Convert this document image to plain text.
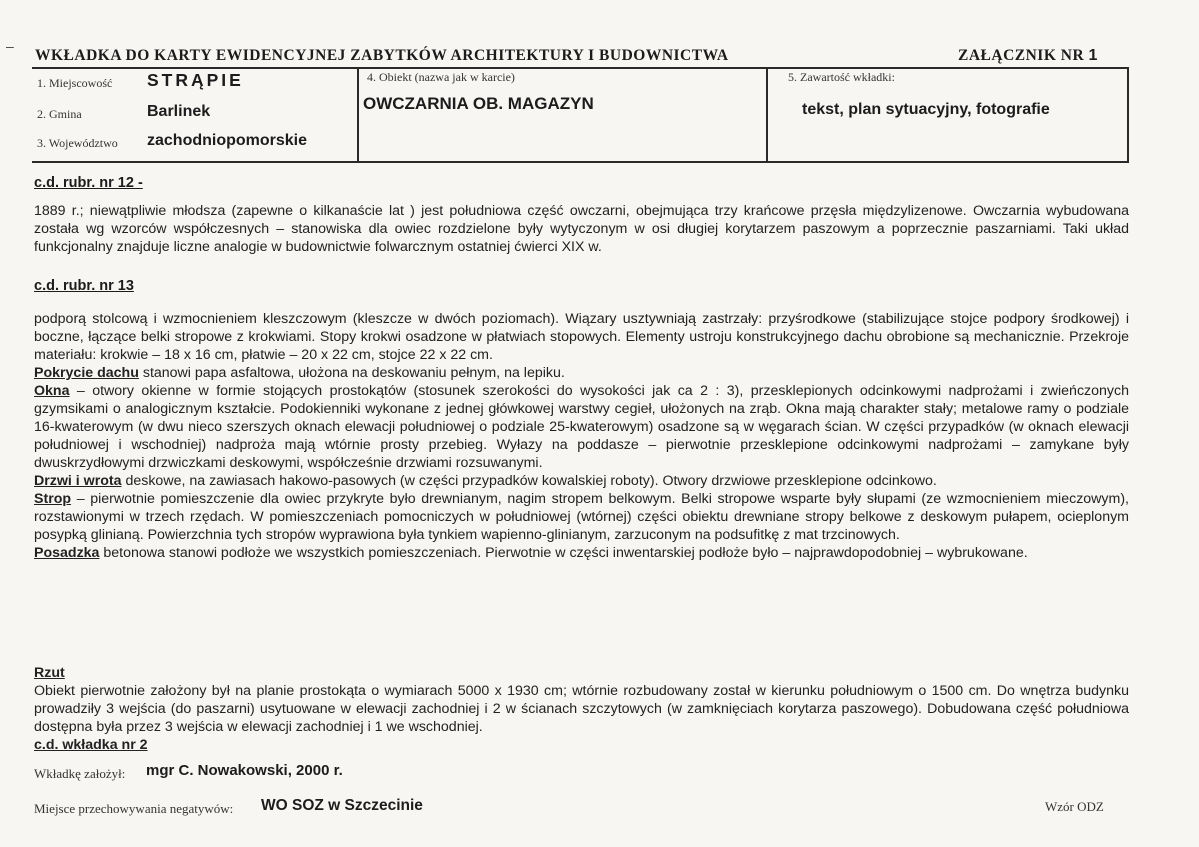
–
WKŁADKA DO KARTY EWIDENCYJNEJ ZABYTKÓW ARCHITEKTURY I BUDOWNICTWA	ZAŁĄCZNIK NR 1
1. Miejscowość STRĄPIE
2. Gmina	Barlinek
3. Województwo zachodniopomorskie
4. Obiekt (nazwa jak w karcie)
OWCZARNIA OB. MAGAZYN
5. Zawartość wkładki:
tekst, plan sytuacyjny, fotografie
c.d. rubr. nr 12 -

1889 r.; niewątpliwie młodsza (zapewne o kilkanaście lat ) jest południowa część owczarni, obejmująca trzy krańcowe przęsła międzylizenowe. Owczarnia wybudowana została wg wzorców współczesnych – stanowiska dla owiec rozdzielone były wytyczonym w osi długiej korytarzem paszowym a poprzecznie paszarniami. Taki układ funkcjonalny znajduje liczne analogie w budownictwie folwarcznym ostatniej ćwierci XIX w.

c.d. rubr. nr 13

podporą stolcową i wzmocnieniem kleszczowym (kleszcze w dwóch poziomach). Wiązary usztywniają zastrzały: przyśrodkowe (stabilizujące stojce podpory środkowej) i boczne, łączące belki stropowe z krokwiami. Stopy krokwi osadzone w płatwiach stopowych. Elementy ustroju konstrukcyjnego dachu obrobione są mechanicznie. Przekroje materiału: krokwie – 18 x 16 cm, płatwie – 20 x 22 cm, stojce 22 x 22 cm.

Pokrycie dachu stanowi papa asfaltowa, ułożona na deskowaniu pełnym, na lepiku.

Okna – otwory okienne w formie stojących prostokątów (stosunek szerokości do wysokości jak ca 2 : 3), przesklepionych odcinkowymi nadprożami i zwieńczonych gzymsikami o analogicznym kształcie. Podokienniki wykonane z jednej główkowej warstwy cegieł, ułożonych na zrąb. Okna mają charakter stały; metalowe ramy o podziale 16-kwaterowym (w dwu nieco szerszych oknach elewacji południowej o podziale 25-kwaterowym) osadzone są w węgarach ścian. W części przypadków (w oknach elewacji południowej i wschodniej) nadproża mają wtórnie prosty przebieg. Wyłazy na poddasze – pierwotnie przesklepione odcinkowymi nadprożami – zamykane były dwuskrzydłowymi drzwiczkami deskowymi, współcześnie drzwiami rozsuwanymi.

Drzwi i wrota deskowe, na zawiasach hakowo-pasowych (w części przypadków kowalskiej roboty). Otwory drzwiowe przesklepione odcinkowo.

Strop – pierwotnie pomieszczenie dla owiec przykryte było drewnianym, nagim stropem belkowym. Belki stropowe wsparte były słupami (ze wzmocnieniem mieczowym), rozstawionymi w trzech rzędach. W pomieszczeniach pomocniczych w południowej (wtórnej) części obiektu drewniane stropy belkowe z deskowym pułapem, ocieplonym posypką glinianą. Powierzchnia tych stropów wyprawiona była tynkiem wapienno-glinianym, zarzuconym na podsufitkę z mat trzcinowych.

Posadzka betonowa stanowi podłoże we wszystkich pomieszczeniach. Pierwotnie w części inwentarskiej podłoże było – najprawdopodobniej – wybrukowane.

Rzut

Obiekt pierwotnie założony był na planie prostokąta o wymiarach 5000 x 1930 cm; wtórnie rozbudowany został w kierunku południowym o 1500 cm. Do wnętrza budynku prowadziły 3 wejścia (do paszarni) usytuowane w elewacji zachodniej i 2 w ścianach szczytowych (w zamknięciach korytarza paszowego). Dobudowana część południowa dostępna była przez 3 wejścia w elewacji zachodniej i 1 we wschodniej.

c.d. wkładka nr 2

Wkładkę założył: mgr C. Nowakowski, 2000 r.
Miejsce przechowywania negatywów: WO SOZ w Szczecinie	Wzór ODZ
